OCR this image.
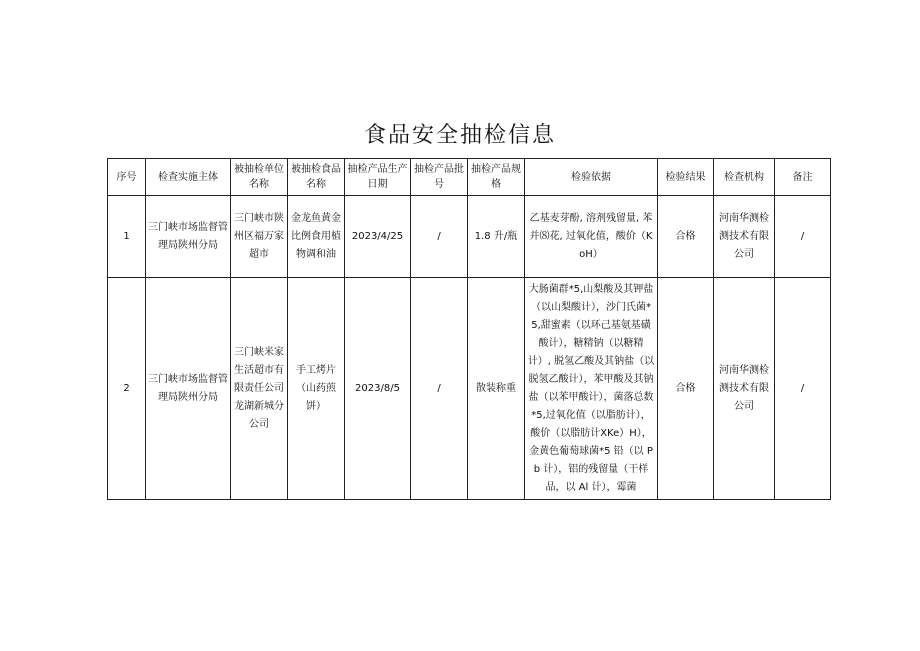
食品安全抽检信息
序号	检查实施主体	被抽检单位名称	被抽检食品名称	抽检产品生产日期	抽检产品批号	抽检产品规格	检验依据	检验结果	检查机构	备注
1	三门峡市场监督管理局陕州分局	三门峡市陕州区福万家超市	金龙鱼黄金比例食用植物调和油	2023/4/25	/	1.8 升/瓶	乙基麦芽酚, 溶剂残留量, 苯并⑻花, 过氧化值，酸价（KoH）	合格	河南华测检测技术有限公司	/
2	三门峡市场监督管理局陕州分局	三门峡米家生活超市有限责任公司龙湖新城分公司	手工烤片（山药煎饼）	2023/8/5	/	散装称重	大肠菌群*5,山梨酸及其钾盐（以山梨酸计），沙门氏菌*5,甜蜜素（以环己基氨基磺酸计），糖精钠（以糖精计）, 脱氢乙酸及其钠盐（以脱氢乙酸计），苯甲酸及其钠盐（以苯甲酸计），菌落总数*5,过氧化值（以脂肪计），酸价（以脂肪计XKe）H），金黄色葡萄球菌*5 铅（以 Pb 计），铝的残留量（干样品，以 Al 计），霉菌	合格	河南华测检测技术有限公司	/
